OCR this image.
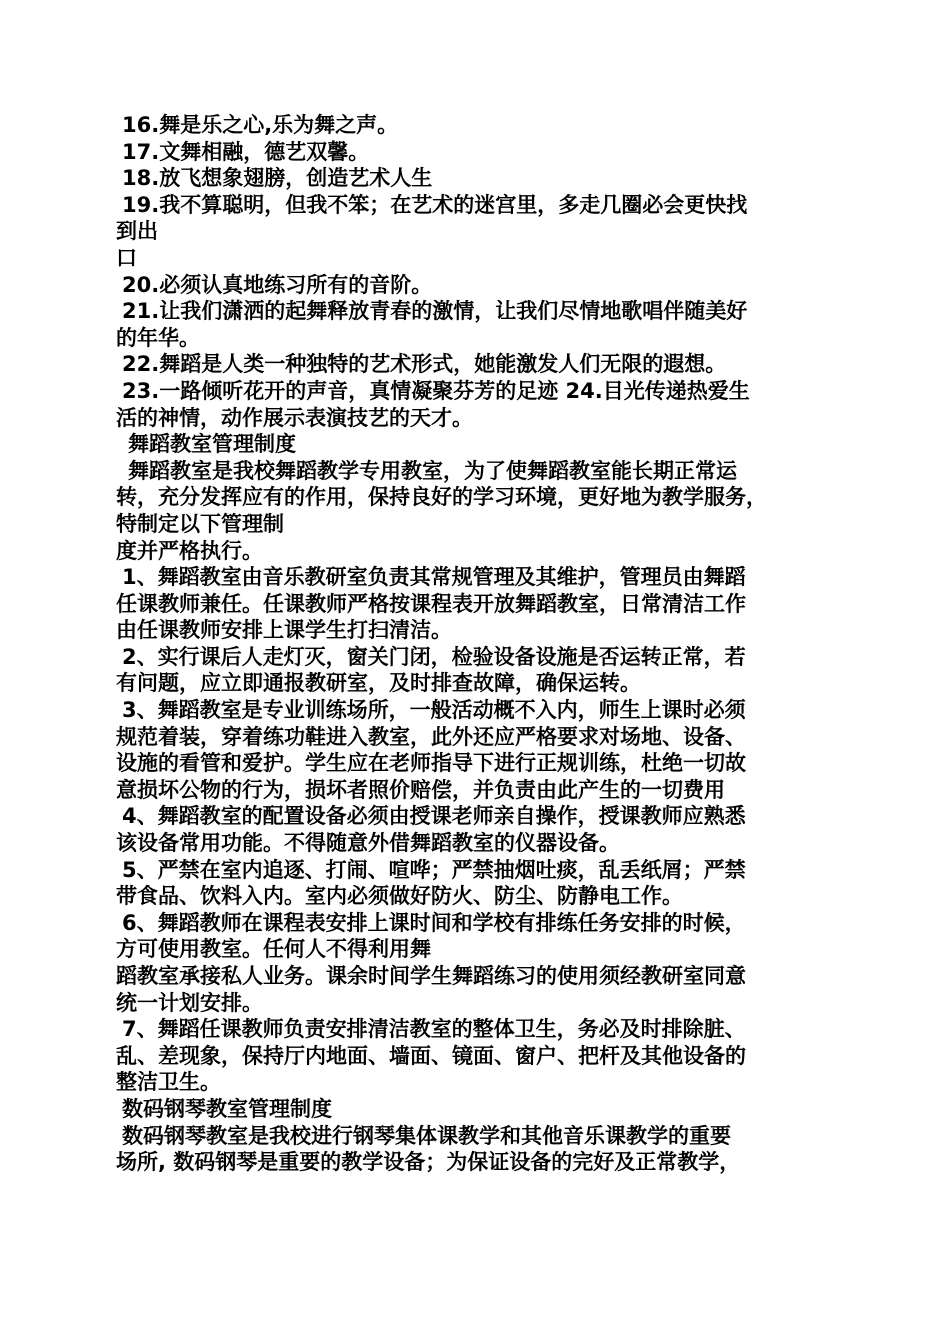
16.舞是乐之心,乐为舞之声。
17.文舞相融，德艺双馨。
18.放飞想象翅膀，创造艺术人生
19.我不算聪明，但我不笨；在艺术的迷宫里，多走几圈必会更快找
到出
口
20.必须认真地练习所有的音阶。
21.让我们潇洒的起舞释放青春的激情，让我们尽情地歌唱伴随美好
的年华。
22.舞蹈是人类一种独特的艺术形式，她能激发人们无限的遐想。
23.一路倾听花开的声音，真情凝聚芬芳的足迹 24.目光传递热爱生
活的神情，动作展示表演技艺的天才。
舞蹈教室管理制度
舞蹈教室是我校舞蹈教学专用教室，为了使舞蹈教室能长期正常运
转，充分发挥应有的作用，保持良好的学习环境，更好地为教学服务，
特制定以下管理制
度并严格执行。
1、舞蹈教室由音乐教研室负责其常规管理及其维护，管理员由舞蹈
任课教师兼任。任课教师严格按课程表开放舞蹈教室，日常清洁工作
由任课教师安排上课学生打扫清洁。
2、实行课后人走灯灭，窗关门闭，检验设备设施是否运转正常，若
有问题，应立即通报教研室，及时排查故障，确保运转。
3、舞蹈教室是专业训练场所，一般活动概不入内，师生上课时必须
规范着装，穿着练功鞋进入教室，此外还应严格要求对场地、设备、
设施的看管和爱护。学生应在老师指导下进行正规训练，杜绝一切故
意损坏公物的行为，损坏者照价赔偿，并负责由此产生的一切费用
4、舞蹈教室的配置设备必须由授课老师亲自操作，授课教师应熟悉
该设备常用功能。不得随意外借舞蹈教室的仪器设备。
5、严禁在室内追逐、打闹、喧哗；严禁抽烟吐痰，乱丢纸屑；严禁
带食品、饮料入内。室内必须做好防火、防尘、防静电工作。
6、舞蹈教师在课程表安排上课时间和学校有排练任务安排的时候，
方可使用教室。任何人不得利用舞
蹈教室承接私人业务。课余时间学生舞蹈练习的使用须经教研室同意
统一计划安排。
7、舞蹈任课教师负责安排清洁教室的整体卫生，务必及时排除脏、
乱、差现象，保持厅内地面、墙面、镜面、窗户、把杆及其他设备的
整洁卫生。
数码钢琴教室管理制度
数码钢琴教室是我校进行钢琴集体课教学和其他音乐课教学的重要
场所, 数码钢琴是重要的教学设备；为保证设备的完好及正常教学，
